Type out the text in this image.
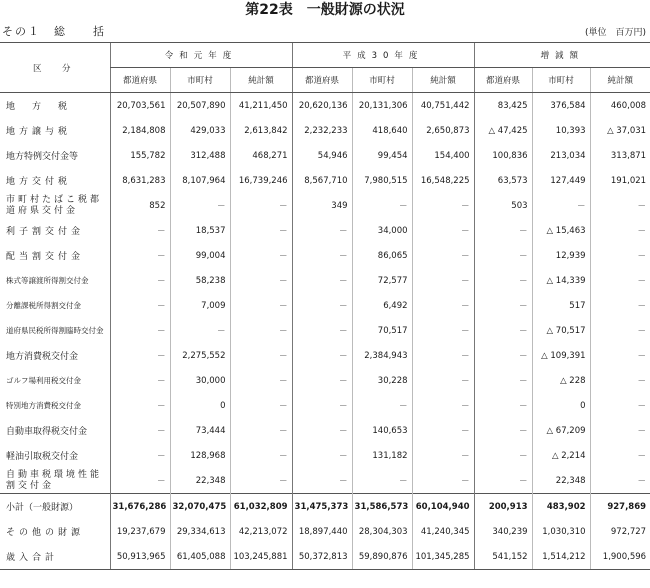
第22表　一般財源の状況
その１　総　　括	(単位　百万円)
区　分	令和元年度			平成30年度			増減額		
	都道府県	市町村	純計額	都道府県	市町村	純計額	都道府県	市町村	純計額
地　方　税	20,703,561	20,507,890	41,211,450	20,620,136	20,131,306	40,751,442	83,425	376,584	460,008
地方譲与税	2,184,808	429,033	2,613,842	2,232,233	418,640	2,650,873	△ 47,425	10,393	△ 37,031
地方特例交付金等	155,782	312,488	468,271	54,946	99,454	154,400	100,836	213,034	313,871
地方交付税	8,631,283	8,107,964	16,739,246	8,567,710	7,980,515	16,548,225	63,573	127,449	191,021
市町村たばこ税都道府県交付金	852	－	－	349	－	－	503	－	－
利子割交付金	－	18,537	－	－	34,000	－	－	△ 15,463	－
配当割交付金	－	99,004	－	－	86,065	－	－	12,939	－
株式等譲渡所得割交付金	－	58,238	－	－	72,577	－	－	△ 14,339	－
分離課税所得割交付金	－	7,009	－	－	6,492	－	－	517	－
道府県民税所得割臨時交付金	－	－	－	－	70,517	－	－	△ 70,517	－
地方消費税交付金	－	2,275,552	－	－	2,384,943	－	－	△ 109,391	－
ゴルフ場利用税交付金	－	30,000	－	－	30,228	－	－	△ 228	－
特別地方消費税交付金	－	0	－	－	－	－	－	0	－
自動車取得税交付金	－	73,444	－	－	140,653	－	－	△ 67,209	－
軽油引取税交付金	－	128,968	－	－	131,182	－	－	△ 2,214	－
自動車税環境性能割交付金	－	22,348	－	－	－	－	－	22,348	－
小計（一般財源）	31,676,286	32,070,475	61,032,809	31,475,373	31,586,573	60,104,940	200,913	483,902	927,869
その他の財源	19,237,679	29,334,613	42,213,072	18,897,440	28,304,303	41,240,345	340,239	1,030,310	972,727
歳入合計	50,913,965	61,405,088	103,245,881	50,372,813	59,890,876	101,345,285	541,152	1,514,212	1,900,596
